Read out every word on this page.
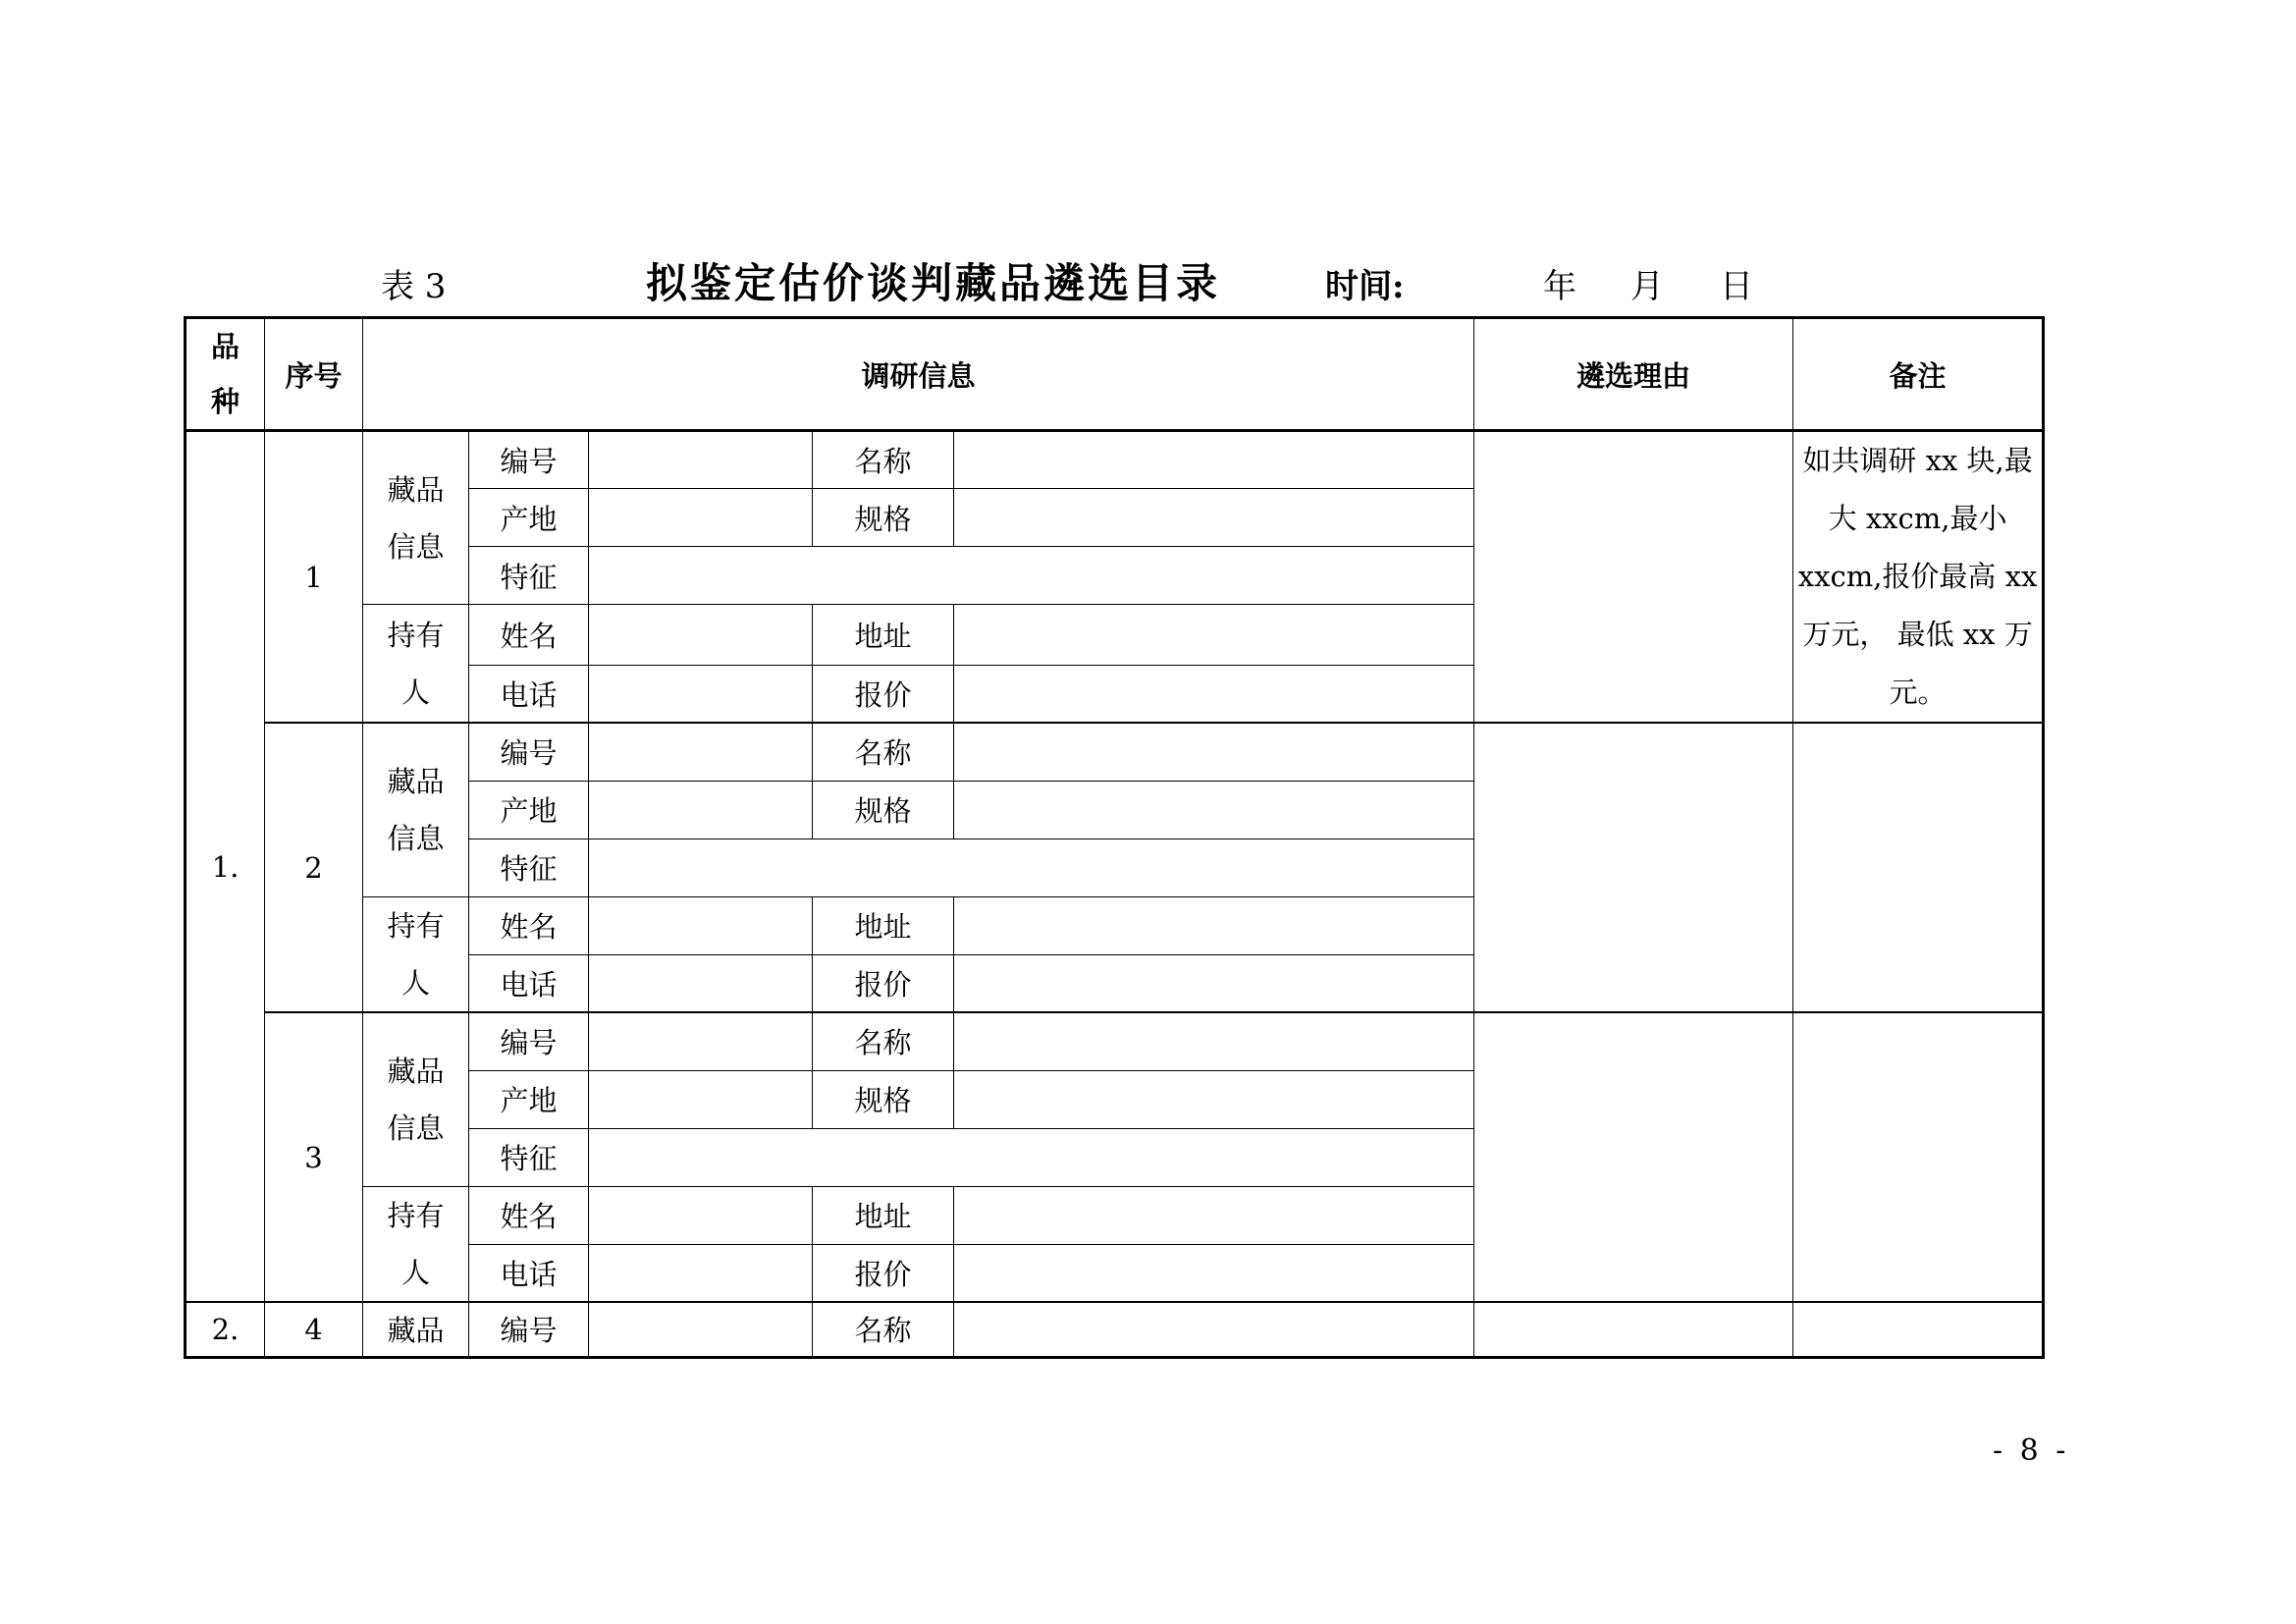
表 3	拟鉴定估价谈判藏品遴选目录	时间:	年 月 日
品种	序号	调研信息					遴选理由	备注
1.	1	藏品信息	编号		名称			如共调研 xx 块,最大 xxcm,最小 xxcm,报价最高 xx 万元， 最低 xx 万元。
			产地		规格			
			特征					

		持有人	姓名		地址			
			电话		报价			
	2	藏品信息	编号		名称			
			产地		规格			
			特征					

		持有人	姓名		地址			
			电话		报价			
	3	藏品信息	编号		名称			
			产地		规格			
			特征					

		持有人	姓名		地址			
			电话		报价			
2.	4	藏品	编号		名称			
- 8 -
